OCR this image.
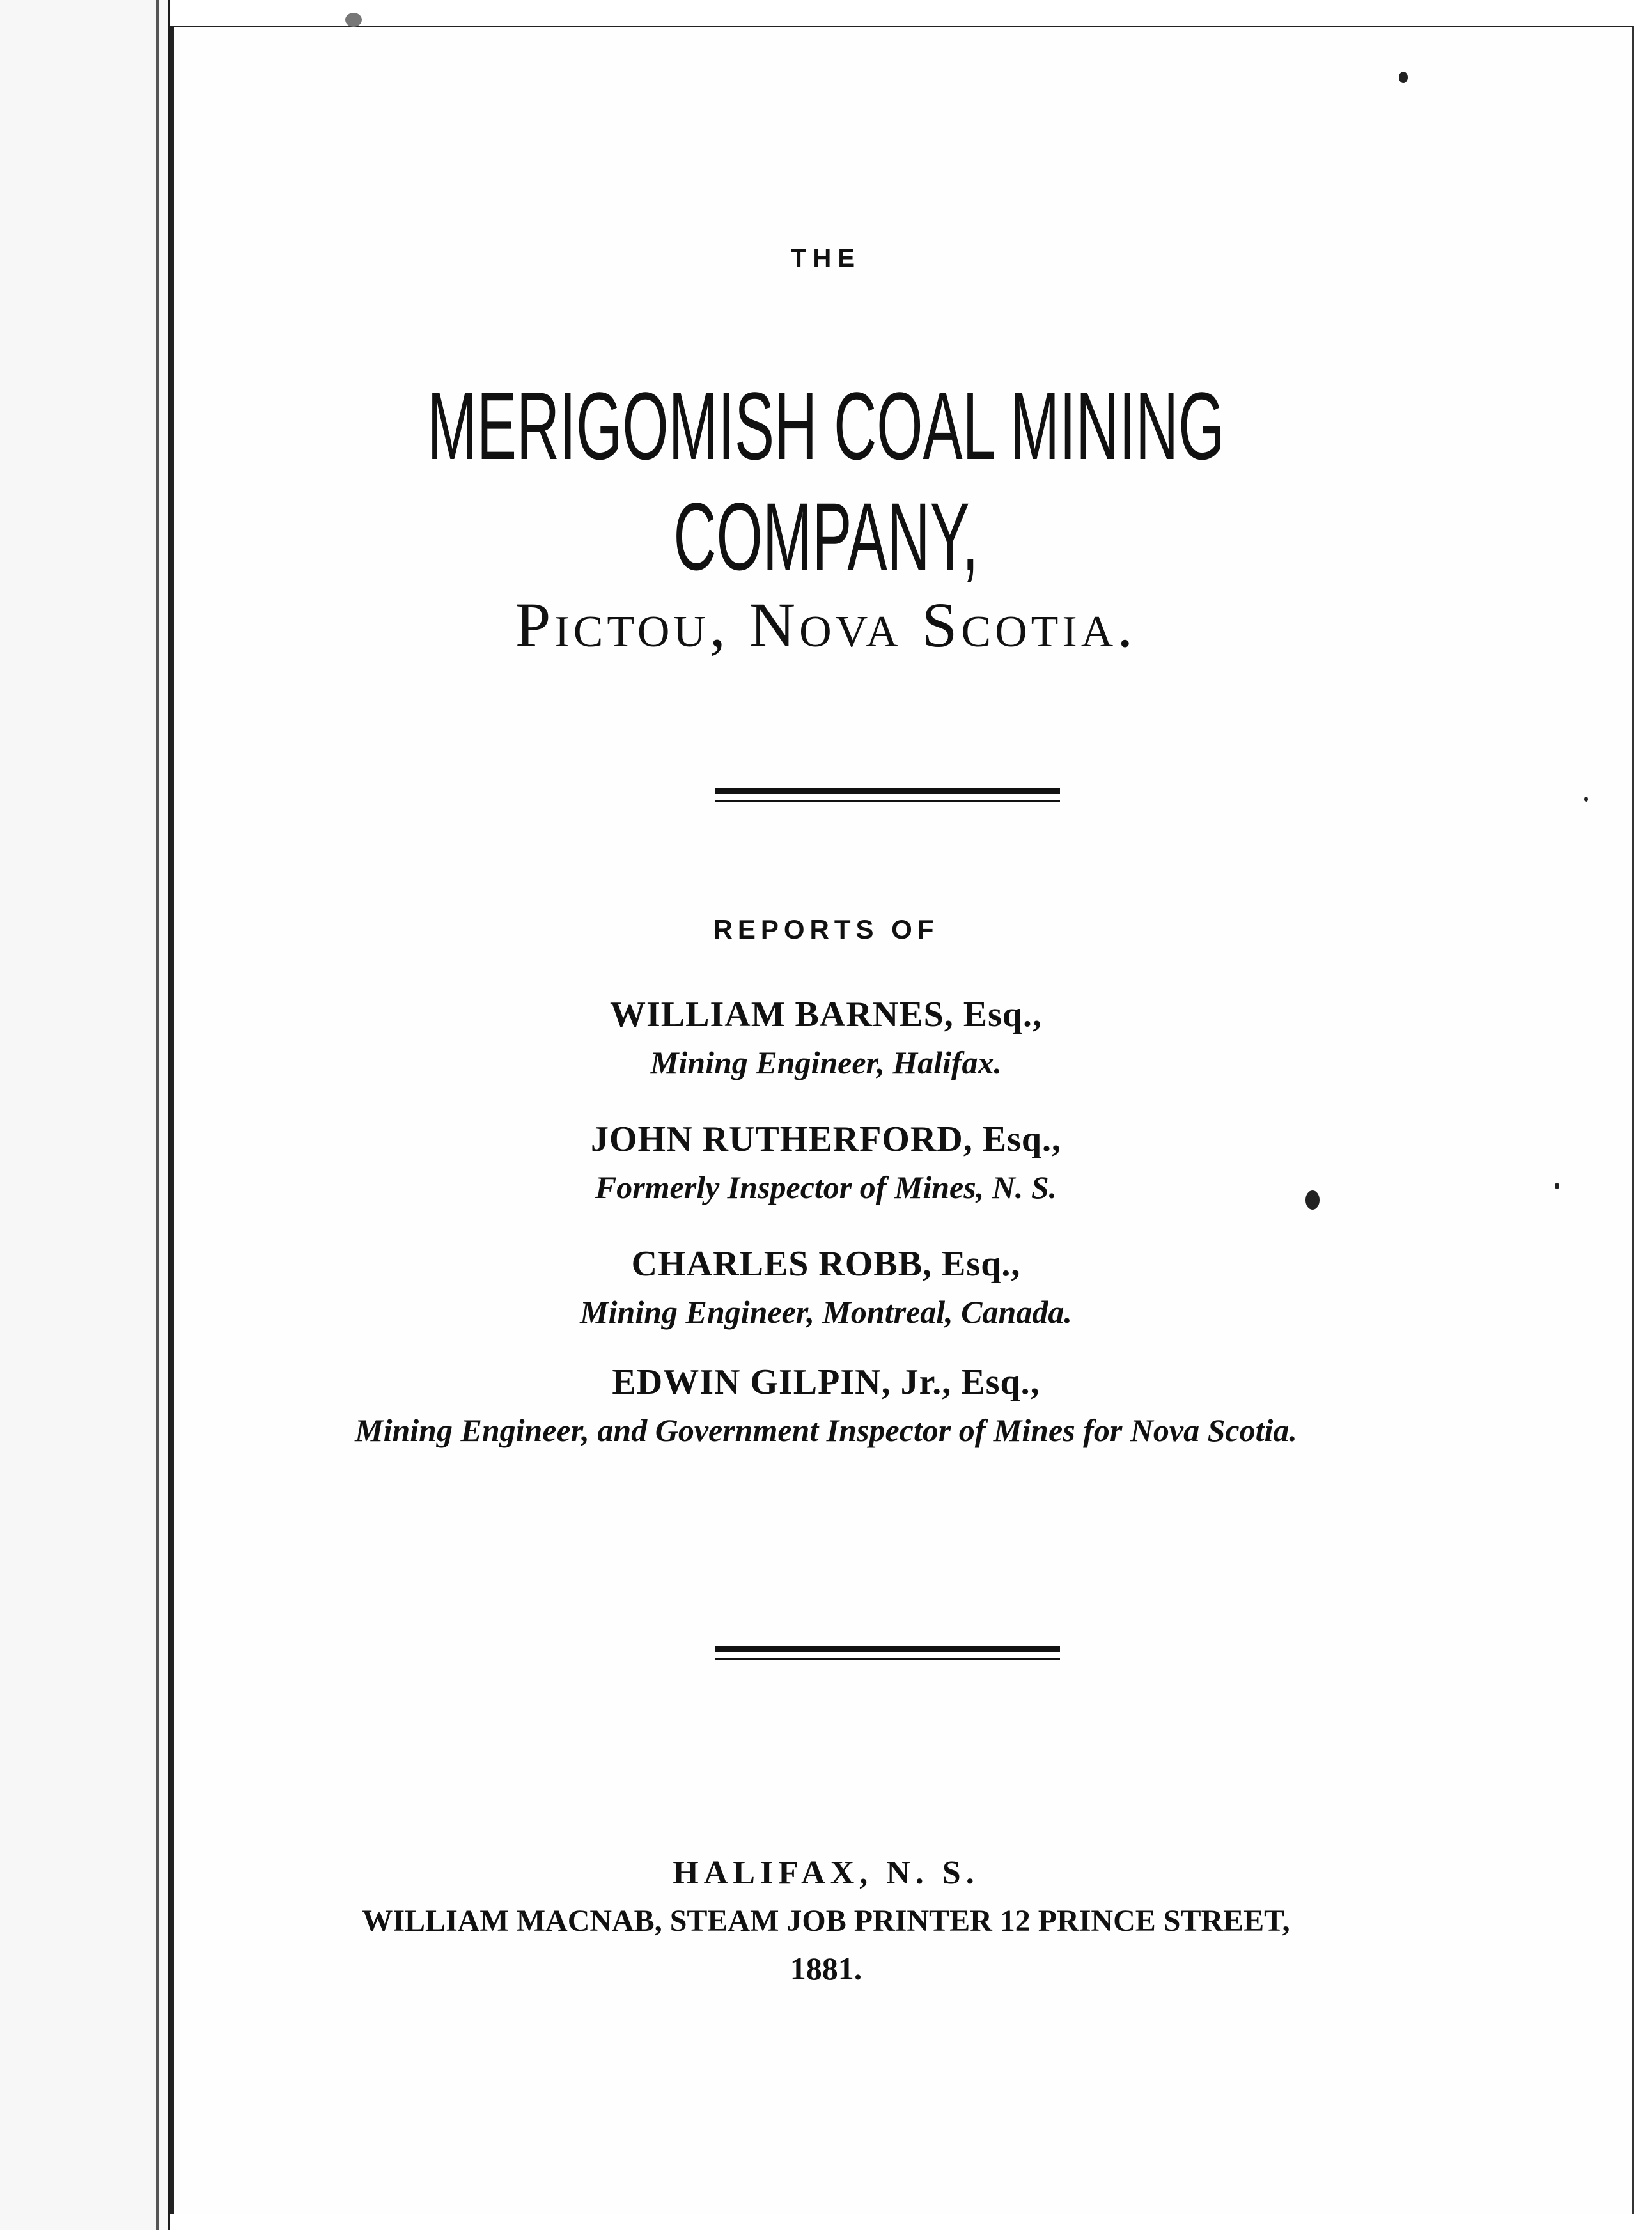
THE
MERIGOMISH COAL MINING COMPANY,
Pictou, Nova Scotia.
REPORTS OF
WILLIAM BARNES, Esq.,
Mining Engineer, Halifax.
JOHN RUTHERFORD, Esq.,
Formerly Inspector of Mines, N. S.
CHARLES ROBB, Esq.,
Mining Engineer, Montreal, Canada.
EDWIN GILPIN, Jr., Esq.,
Mining Engineer, and Government Inspector of Mines for Nova Scotia.
HALIFAX, N. S.
WILLIAM MACNAB, STEAM JOB PRINTER 12 PRINCE STREET,
1881.
